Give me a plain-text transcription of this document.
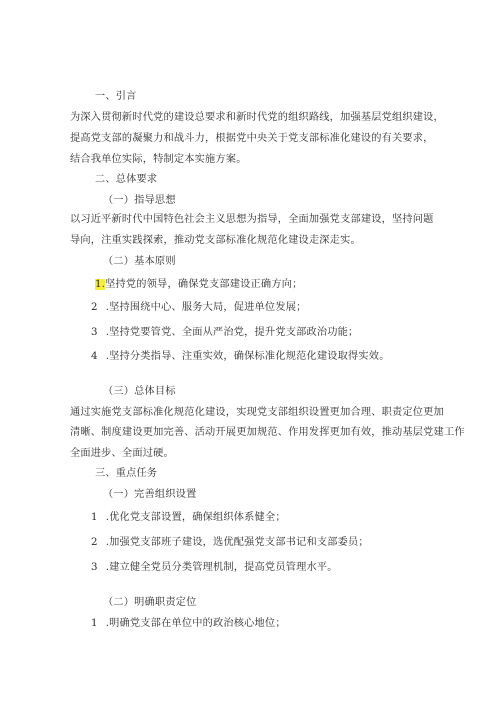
一、引言
为深入贯彻新时代党的建设总要求和新时代党的组织路线，加强基层党组织建设，
提高党支部的凝聚力和战斗力，根据党中央关于党支部标准化建设的有关要求，
结合我单位实际，特制定本实施方案。
二、总体要求
（一）指导思想
以习近平新时代中国特色社会主义思想为指导，全面加强党支部建设，坚持问题
导向，注重实践探索，推动党支部标准化规范化建设走深走实。
（二）基本原则
1.坚持党的领导，确保党支部建设正确方向；
2 .坚持围绕中心、服务大局，促进单位发展；
3 .坚持党要管党、全面从严治党，提升党支部政治功能；
4 .坚持分类指导、注重实效，确保标准化规范化建设取得实效。
（三）总体目标
通过实施党支部标准化规范化建设，实现党支部组织设置更加合理、职责定位更加
清晰、制度建设更加完善、活动开展更加规范、作用发挥更加有效，推动基层党建工作
全面进步、全面过硬。
三、重点任务
（一）完善组织设置
1 .优化党支部设置，确保组织体系健全；
2 .加强党支部班子建设，选优配强党支部书记和支部委员；
3 .建立健全党员分类管理机制，提高党员管理水平。
（二）明确职责定位
1 .明确党支部在单位中的政治核心地位；
